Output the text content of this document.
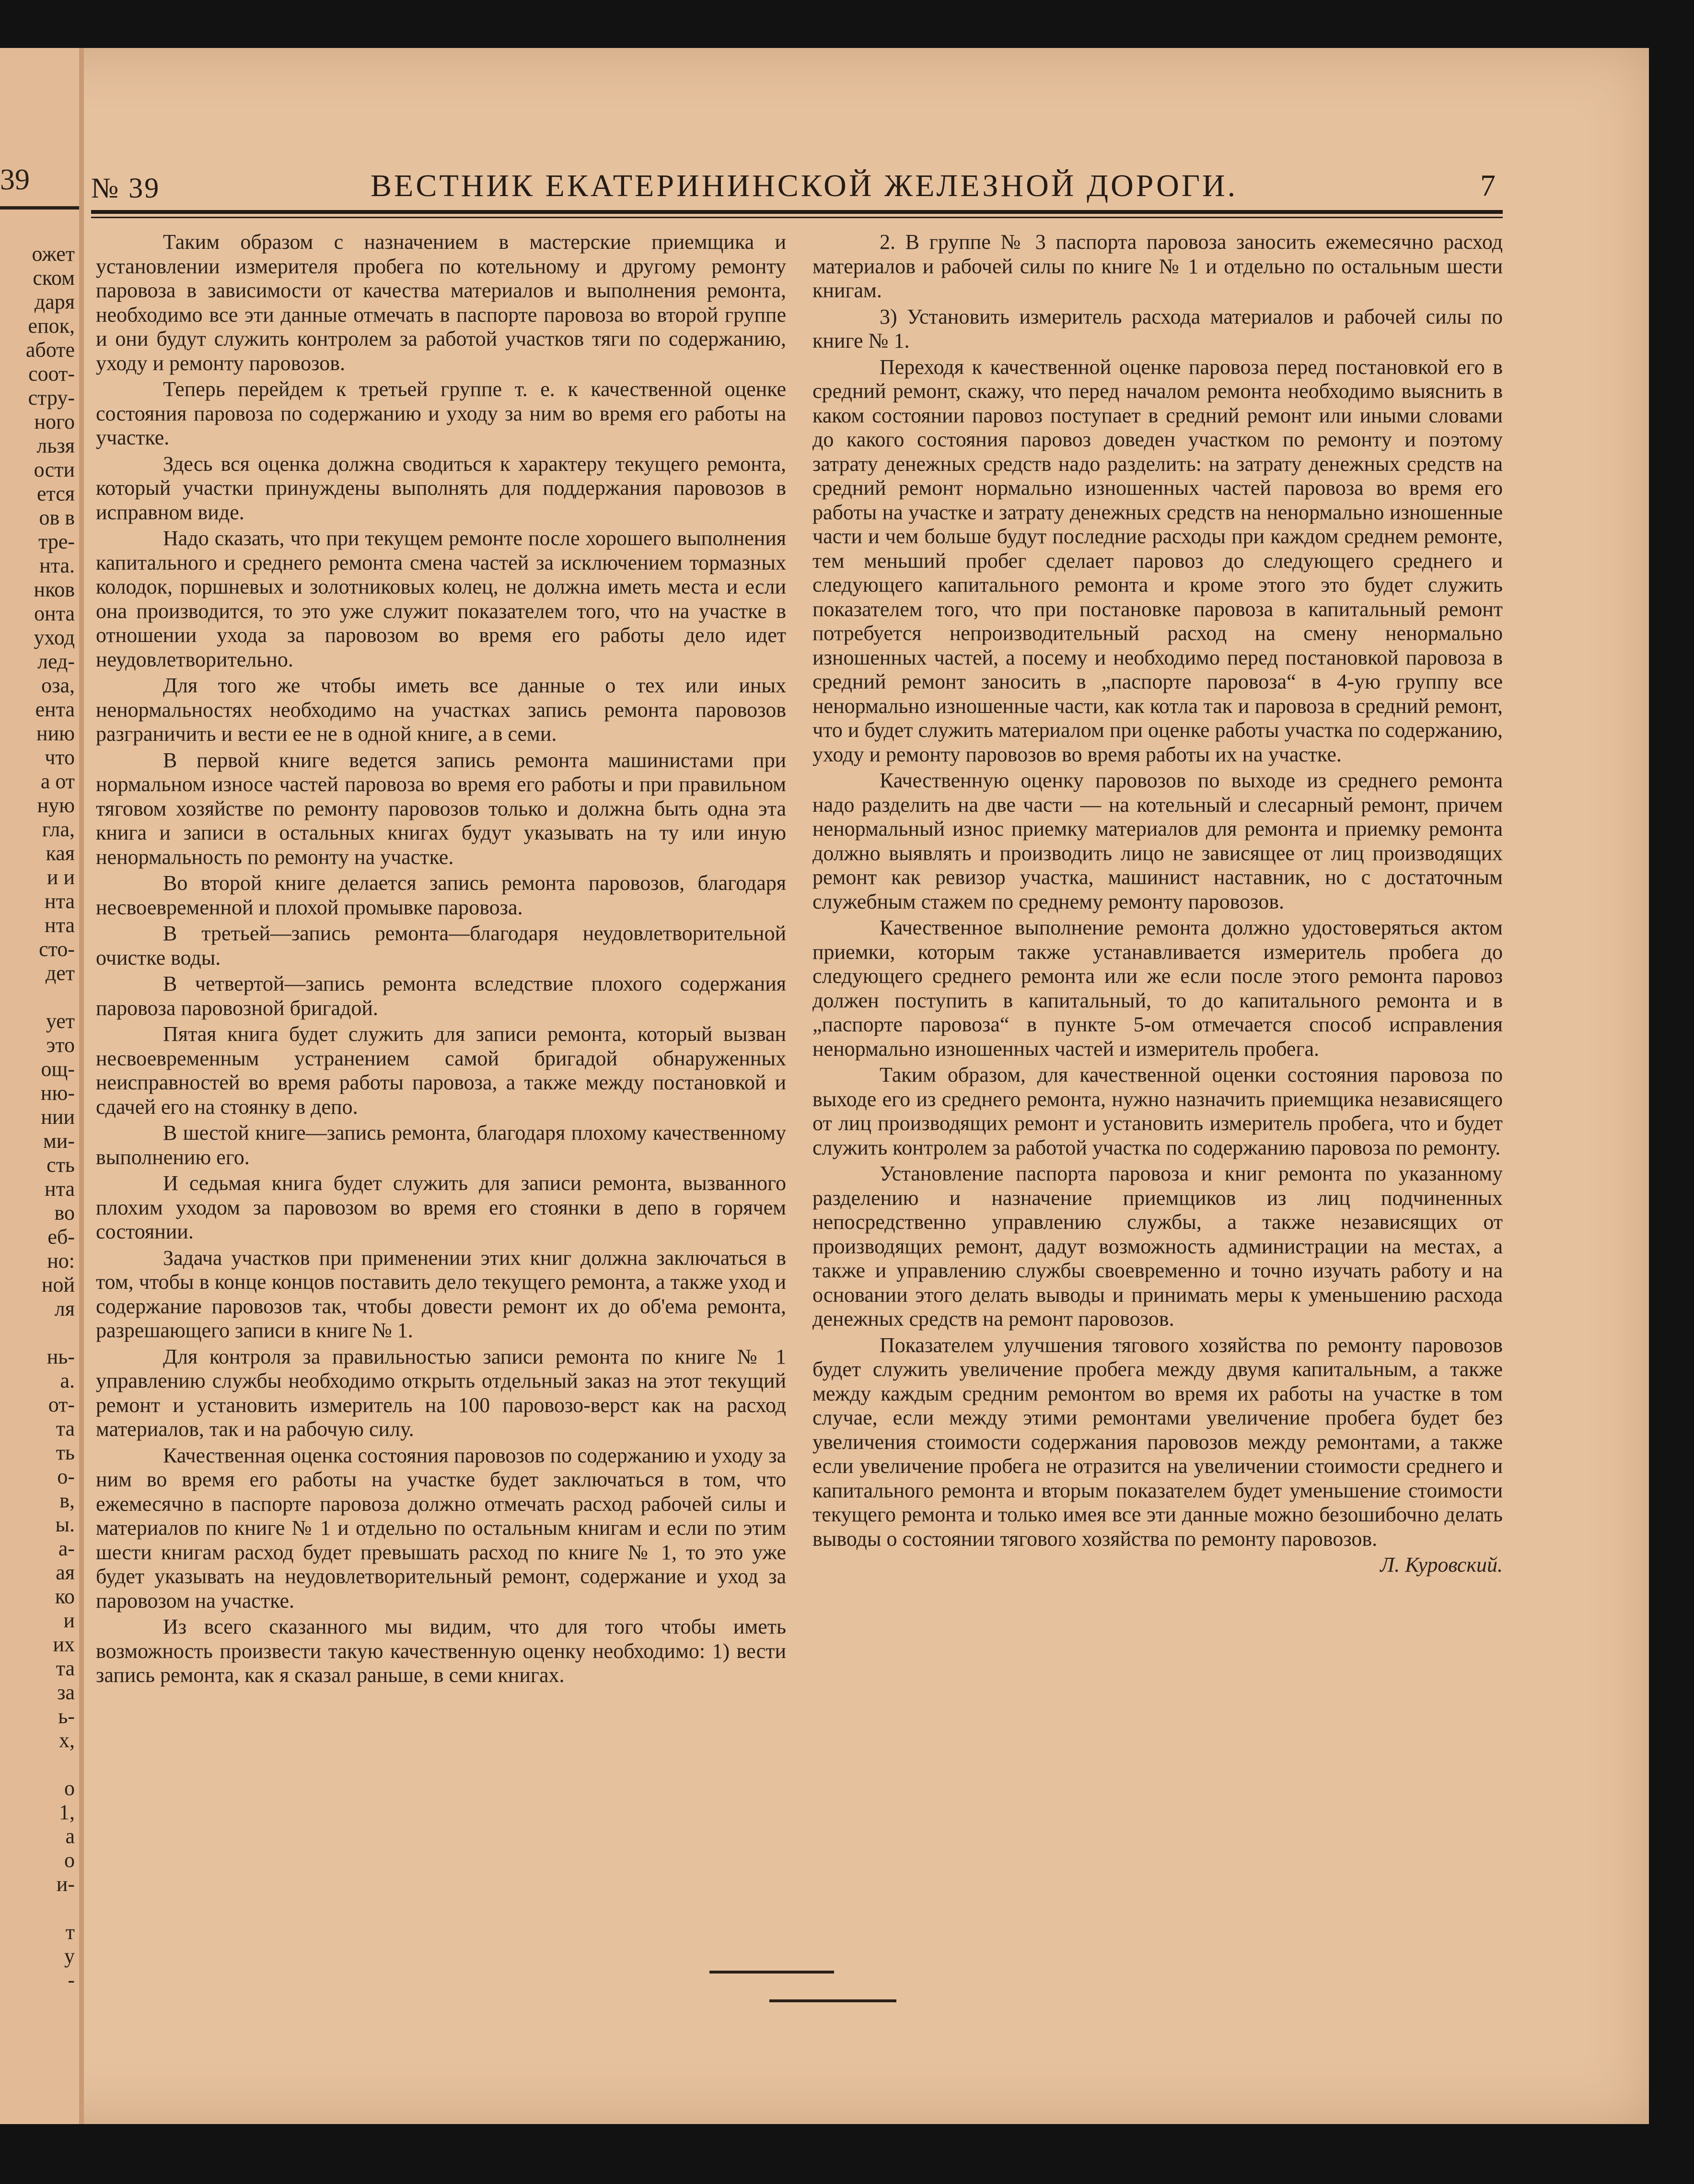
39
ожет
ском
даря
епок,
аботе
соот-
стру-
ного
льзя
ости
ется
ов в
тре-
нта.
нков
онта
уход
лед-
оза,
ента
нию
что
а от
ную
гла,
кая
и и
нта
нта
сто-
дет
ует
это
ощ-
ню-
нии
ми-
сть
нта
во
еб-
но:
ной
ля
нь-
а.
от-
та
ть
о-
в,
ы.
а-
ая
ко
и
их
та
за
ь-
х,
о
1,
а
о
и-
т
у
-
№ 39	ВЕСТНИК ЕКАТЕРИНИНСКОЙ ЖЕЛЕЗНОЙ ДОРОГИ.	7

Таким образом с назначением в мастерские приемщика и установлении измерителя пробега по котельному и другому ремонту паровоза в зависимости от качества материалов и выполнения ремонта, необходимо все эти данные отмечать в паспорте паровоза во второй группе и они будут служить контролем за работой участков тяги по содержанию, уходу и ремонту паровозов.

Теперь перейдем к третьей группе т. е. к качественной оценке состояния паровоза по содержанию и уходу за ним во время его работы на участке.

Здесь вся оценка должна сводиться к характеру текущего ремонта, который участки принуждены выполнять для поддержания паровозов в исправном виде.

Надо сказать, что при текущем ремонте после хорошего выполнения капитального и среднего ремонта смена частей за исключением тормазных колодок, поршневых и золотниковых колец, не должна иметь места и если она производится, то это уже служит показателем того, что на участке в отношении ухода за паровозом во время его работы дело идет неудовлетворительно.

Для того же чтобы иметь все данные о тех или иных ненормальностях необходимо на участках запись ремонта паровозов разграничить и вести ее не в одной книге, а в семи.

В первой книге ведется запись ремонта машинистами при нормальном износе частей паровоза во время его работы и при правильном тяговом хозяйстве по ремонту паровозов только и должна быть одна эта книга и записи в остальных книгах будут указывать на ту или иную ненормальность по ремонту на участке.

Во второй книге делается запись ремонта паровозов, благодаря несвоевременной и плохой промывке паровоза.

В третьей—запись ремонта—благодаря неудовлетворительной очистке воды.

В четвертой—запись ремонта вследствие плохого содержания паровоза паровозной бригадой.

Пятая книга будет служить для записи ремонта, который вызван несвоевременным устранением самой бригадой обнаруженных неисправностей во время работы паровоза, а также между постановкой и сдачей его на стоянку в депо.

В шестой книге—запись ремонта, благодаря плохому качественному выполнению его.

И седьмая книга будет служить для записи ремонта, вызванного плохим уходом за паровозом во время его стоянки в депо в горячем состоянии.

Задача участков при применении этих книг должна заключаться в том, чтобы в конце концов поставить дело текущего ремонта, а также уход и содержание паровозов так, чтобы довести ремонт их до об'ема ремонта, разрешающего записи в книге № 1.

Для контроля за правильностью записи ремонта по книге № 1 управлению службы необходимо открыть отдельный заказ на этот текущий ремонт и установить измеритель на 100 паровозо-верст как на расход материалов, так и на рабочую силу.

Качественная оценка состояния паровозов по содержанию и уходу за ним во время его работы на участке будет заключаться в том, что ежемесячно в паспорте паровоза должно отмечать расход рабочей силы и материалов по книге № 1 и отдельно по остальным книгам и если по этим шести книгам расход будет превышать расход по книге № 1, то это уже будет указывать на неудовлетворительный ремонт, содержание и уход за паровозом на участке.

Из всего сказанного мы видим, что для того чтобы иметь возможность произвести такую качественную оценку необходимо: 1) вести запись ремонта, как я сказал раньше, в семи книгах.

2. В группе № 3 паспорта паровоза заносить ежемесячно расход материалов и рабочей силы по книге № 1 и отдельно по остальным шести книгам.

3) Установить измеритель расхода материалов и рабочей силы по книге № 1.

Переходя к качественной оценке паровоза перед постановкой его в средний ремонт, скажу, что перед началом ремонта необходимо выяснить в каком состоянии паровоз поступает в средний ремонт или иными словами до какого состояния паровоз доведен участком по ремонту и поэтому затрату денежных средств надо разделить: на затрату денежных средств на средний ремонт нормально изношенных частей паровоза во время его работы на участке и затрату денежных средств на ненормально изношенные части и чем больше будут последние расходы при каждом среднем ремонте, тем меньший пробег сделает паровоз до следующего среднего и следующего капитального ремонта и кроме этого это будет служить показателем того, что при постановке паровоза в капитальный ремонт потребуется непроизводительный расход на смену ненормально изношенных частей, а посему и необходимо перед постановкой паровоза в средний ремонт заносить в „паспорте паровоза“ в 4-ую группу все ненормально изношенные части, как котла так и паровоза в средний ремонт, что и будет служить материалом при оценке работы участка по содержанию, уходу и ремонту паровозов во время работы их на участке.

Качественную оценку паровозов по выходе из среднего ремонта надо разделить на две части — на котельный и слесарный ремонт, причем ненормальный износ приемку материалов для ремонта и приемку ремонта должно выявлять и производить лицо не зависящее от лиц производящих ремонт как ревизор участка, машинист наставник, но с достаточным служебным стажем по среднему ремонту паровозов.

Качественное выполнение ремонта должно удостоверяться актом приемки, которым также устанавливается измеритель пробега до следующего среднего ремонта или же если после этого ремонта паровоз должен поступить в капитальный, то до капитального ремонта и в „паспорте паровоза“ в пункте 5-ом отмечается способ исправления ненормально изношенных частей и измеритель пробега.

Таким образом, для качественной оценки состояния паровоза по выходе его из среднего ремонта, нужно назначить приемщика независящего от лиц производящих ремонт и установить измеритель пробега, что и будет служить контролем за работой участка по содержанию паровоза по ремонту.

Установление паспорта паровоза и книг ремонта по указанному разделению и назначение приемщиков из лиц подчиненных непосредственно управлению службы, а также независящих от производящих ремонт, дадут возможность администрации на местах, а также и управлению службы своевременно и точно изучать работу и на основании этого делать выводы и принимать меры к уменьшению расхода денежных средств на ремонт паровозов.

Показателем улучшения тягового хозяйства по ремонту паровозов будет служить увеличение пробега между двумя капитальным, а также между каждым средним ремонтом во время их работы на участке в том случае, если между этими ремонтами увеличение пробега будет без увеличения стоимости содержания паровозов между ремонтами, а также если увеличение пробега не отразится на увеличении стоимости среднего и капитального ремонта и вторым показателем будет уменьшение стоимости текущего ремонта и только имея все эти данные можно безошибочно делать выводы о состоянии тягового хозяйства по ремонту паровозов.

Л. Куровский.
